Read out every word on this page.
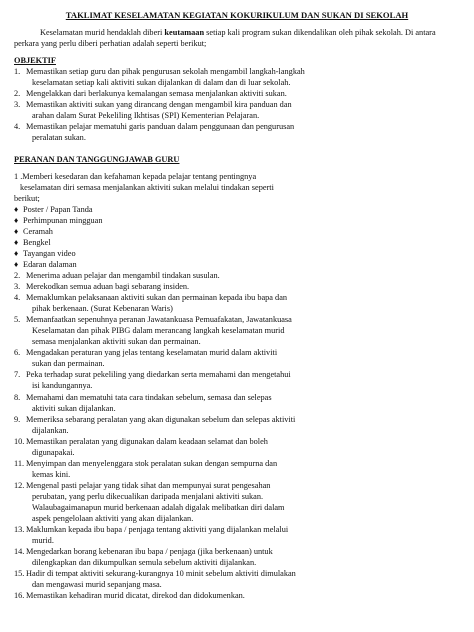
TAKLIMAT KESELAMATAN KEGIATAN KOKURIKULUM DAN SUKAN DI SEKOLAH

Keselamatan murid hendaklah diberi keutamaan setiap kali program sukan dikendalikan oleh pihak sekolah. Di antara perkara yang perlu diberi perhatian adalah seperti berikut;

OBJEKTIF
1. Memastikan setiap guru dan pihak pengurusan sekolah mengambil langkah-langkah
keselamatan setiap kali aktiviti sukan dijalankan di dalam dan di luar sekolah.
2. Mengelakkan dari berlakunya kemalangan semasa menjalankan aktiviti sukan.
3. Memastikan aktiviti sukan yang dirancang dengan mengambil kira panduan dan
arahan dalam Surat Pekeliling Ikhtisas (SPI) Kementerian Pelajaran.
4. Memastikan pelajar mematuhi garis panduan dalam penggunaan dan pengurusan
peralatan sukan.
PERANAN DAN TANGGUNGJAWAB GURU
1 .Memberi kesedaran dan kefahaman kepada pelajar tentang pentingnya
keselamatan diri semasa menjalankan aktiviti sukan melalui tindakan seperti
berikut;
♦ Poster / Papan Tanda
♦ Perhimpunan mingguan
♦ Ceramah
♦ Bengkel
♦ Tayangan video
♦ Edaran dalaman
2. Menerima aduan pelajar dan mengambil tindakan susulan.
3. Merekodkan semua aduan bagi sebarang insiden.
4. Memaklumkan pelaksanaan aktiviti sukan dan permainan kepada ibu bapa dan
pihak berkenaan. (Surat Kebenaran Waris)
5. Memanfaatkan sepenuhnya peranan Jawatankuasa Pemuafakatan, Jawatankuasa
Keselamatan dan pihak PIBG dalam merancang langkah keselamatan murid
semasa menjalankan aktiviti sukan dan permainan.
6. Mengadakan peraturan yang jelas tentang keselamatan murid dalam aktiviti
sukan dan permainan.
7. Peka terhadap surat pekeliling yang diedarkan serta memahami dan mengetahui
isi kandungannya.
8. Memahami dan mematuhi tata cara tindakan sebelum, semasa dan selepas
aktiviti sukan dijalankan.
9. Memeriksa sebarang peralatan yang akan digunakan sebelum dan selepas aktiviti
dijalankan.
10. Memastikan peralatan yang digunakan dalam keadaan selamat dan boleh
digunapakai.
11. Menyimpan dan menyelenggara stok peralatan sukan dengan sempurna dan
kemas kini.
12. Mengenal pasti pelajar yang tidak sihat dan mempunyai surat pengesahan
perubatan, yang perlu dikecualikan daripada menjalani aktiviti sukan.
Walaubagaimanapun murid berkenaan adalah digalak melibatkan diri dalam
aspek pengelolaan aktiviti yang akan dijalankan.
13. Maklumkan kepada ibu bapa / penjaga tentang aktiviti yang dijalankan melalui
murid.
14. Mengedarkan borang kebenaran ibu bapa / penjaga (jika berkenaan) untuk
dilengkapkan dan dikumpulkan semula sebelum aktiviti dijalankan.
15. Hadir di tempat aktiviti sekurang-kurangnya 10 minit sebelum aktiviti dimulakan
dan mengawasi murid sepanjang masa.
16. Memastikan kehadiran murid dicatat, direkod dan didokumenkan.
